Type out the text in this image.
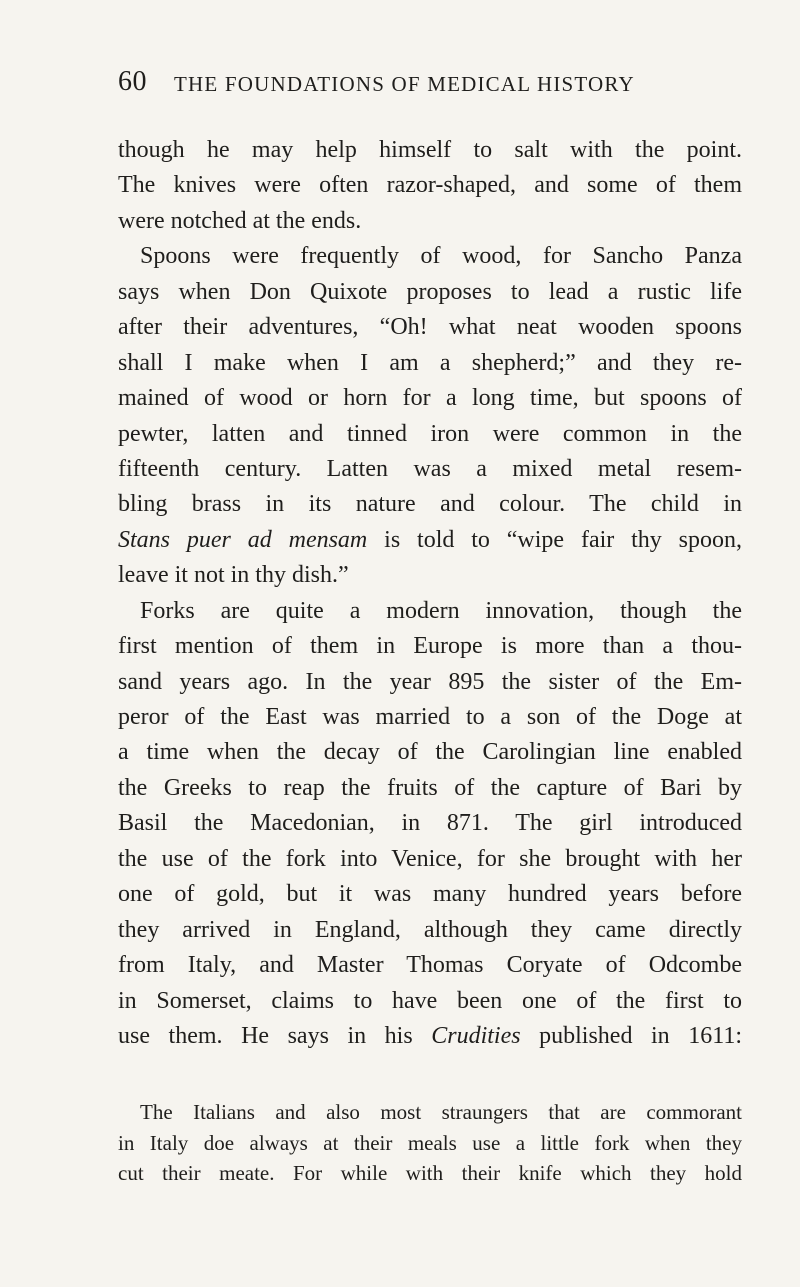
60 THE FOUNDATIONS OF MEDICAL HISTORY
though he may help himself to salt with the point.
The knives were often razor-shaped, and some of them
were notched at the ends.
Spoons were frequently of wood, for Sancho Panza
says when Don Quixote proposes to lead a rustic life
after their adventures, “Oh! what neat wooden spoons
shall I make when I am a shepherd;” and they re-
mained of wood or horn for a long time, but spoons of
pewter, latten and tinned iron were common in the
fifteenth century. Latten was a mixed metal resem-
bling brass in its nature and colour. The child in
Stans puer ad mensam is told to “wipe fair thy spoon,
leave it not in thy dish.”
Forks are quite a modern innovation, though the
first mention of them in Europe is more than a thou-
sand years ago. In the year 895 the sister of the Em-
peror of the East was married to a son of the Doge at
a time when the decay of the Carolingian line enabled
the Greeks to reap the fruits of the capture of Bari by
Basil the Macedonian, in 871. The girl introduced
the use of the fork into Venice, for she brought with her
one of gold, but it was many hundred years before
they arrived in England, although they came directly
from Italy, and Master Thomas Coryate of Odcombe
in Somerset, claims to have been one of the first to
use them. He says in his Crudities published in 1611:
The Italians and also most straungers that are commorant
in Italy doe always at their meals use a little fork when they
cut their meate. For while with their knife which they hold
